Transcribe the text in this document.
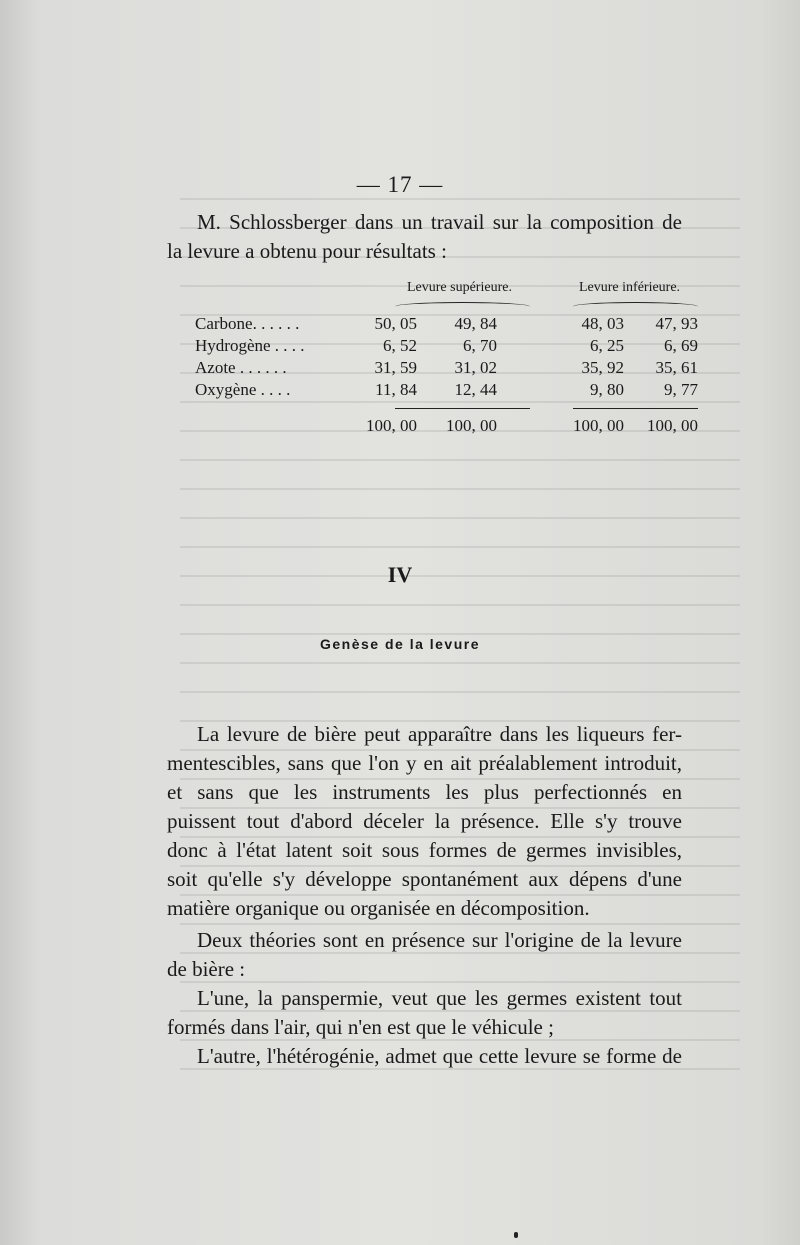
— 17 —
M. Schlossberger dans un travail sur la composition de
la levure a obtenu pour résultats :
Levure supérieure.	Levure inférieure.
Carbone. . . . . .	50, 05	49, 84	48, 03	47, 93
Hydrogène . . . .	6, 52	6, 70	6, 25	6, 69
Azote . . . . . .	31, 59	31, 02	35, 92	35, 61
Oxygène . . . .	11, 84	12, 44	9, 80	9, 77
100, 00	100, 00	100, 00	100, 00
IV
Genèse de la levure
La levure de bière peut apparaître dans les liqueurs fer-
mentescibles, sans que l'on y en ait préalablement introduit,
et sans que les instruments les plus perfectionnés en
puissent tout d'abord déceler la présence. Elle s'y trouve
donc à l'état latent soit sous formes de germes invisibles,
soit qu'elle s'y développe spontanément aux dépens d'une
matière organique ou organisée en décomposition.
Deux théories sont en présence sur l'origine de la levure
de bière :
L'une, la panspermie, veut que les germes existent tout
formés dans l'air, qui n'en est que le véhicule ;
L'autre, l'hétérogénie, admet que cette levure se forme de
